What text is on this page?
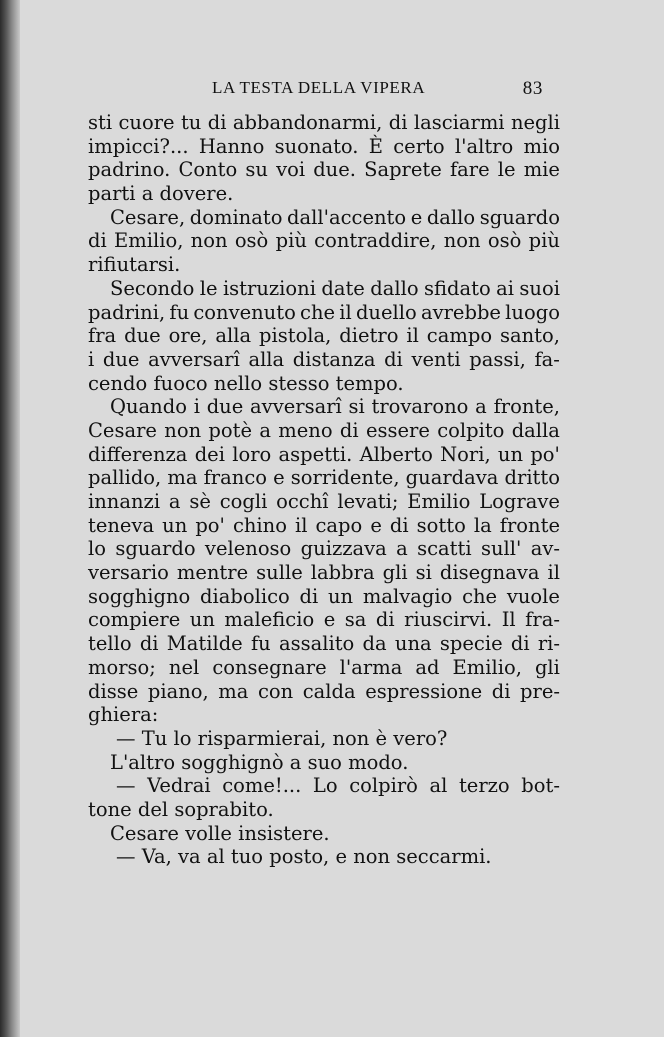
LA TESTA DELLA VIPERA	83
sti cuore tu di abbandonarmi, di lasciarmi negli
impicci?... Hanno suonato. È certo l'altro mio
padrino. Conto su voi due. Saprete fare le mie
parti a dovere.
Cesare, dominato dall'accento e dallo sguardo
di Emilio, non osò più contraddire, non osò più
rifiutarsi.
Secondo le istruzioni date dallo sfidato ai suoi
padrini, fu convenuto che il duello avrebbe luogo
fra due ore, alla pistola, dietro il campo santo,
i due avversarî alla distanza di venti passi, fa-
cendo fuoco nello stesso tempo.
Quando i due avversarî si trovarono a fronte,
Cesare non potè a meno di essere colpito dalla
differenza dei loro aspetti. Alberto Nori, un po'
pallido, ma franco e sorridente, guardava dritto
innanzi a sè cogli occhî levati; Emilio Lograve
teneva un po' chino il capo e di sotto la fronte
lo sguardo velenoso guizzava a scatti sull' av-
versario mentre sulle labbra gli si disegnava il
sogghigno diabolico di un malvagio che vuole
compiere un maleficio e sa di riuscirvi. Il fra-
tello di Matilde fu assalito da una specie di ri-
morso; nel consegnare l'arma ad Emilio, gli
disse piano, ma con calda espressione di pre-
ghiera:
— Tu lo risparmierai, non è vero?
L'altro sogghignò a suo modo.
— Vedrai come!... Lo colpirò al terzo bot-
tone del soprabito.
Cesare volle insistere.
— Va, va al tuo posto, e non seccarmi.
